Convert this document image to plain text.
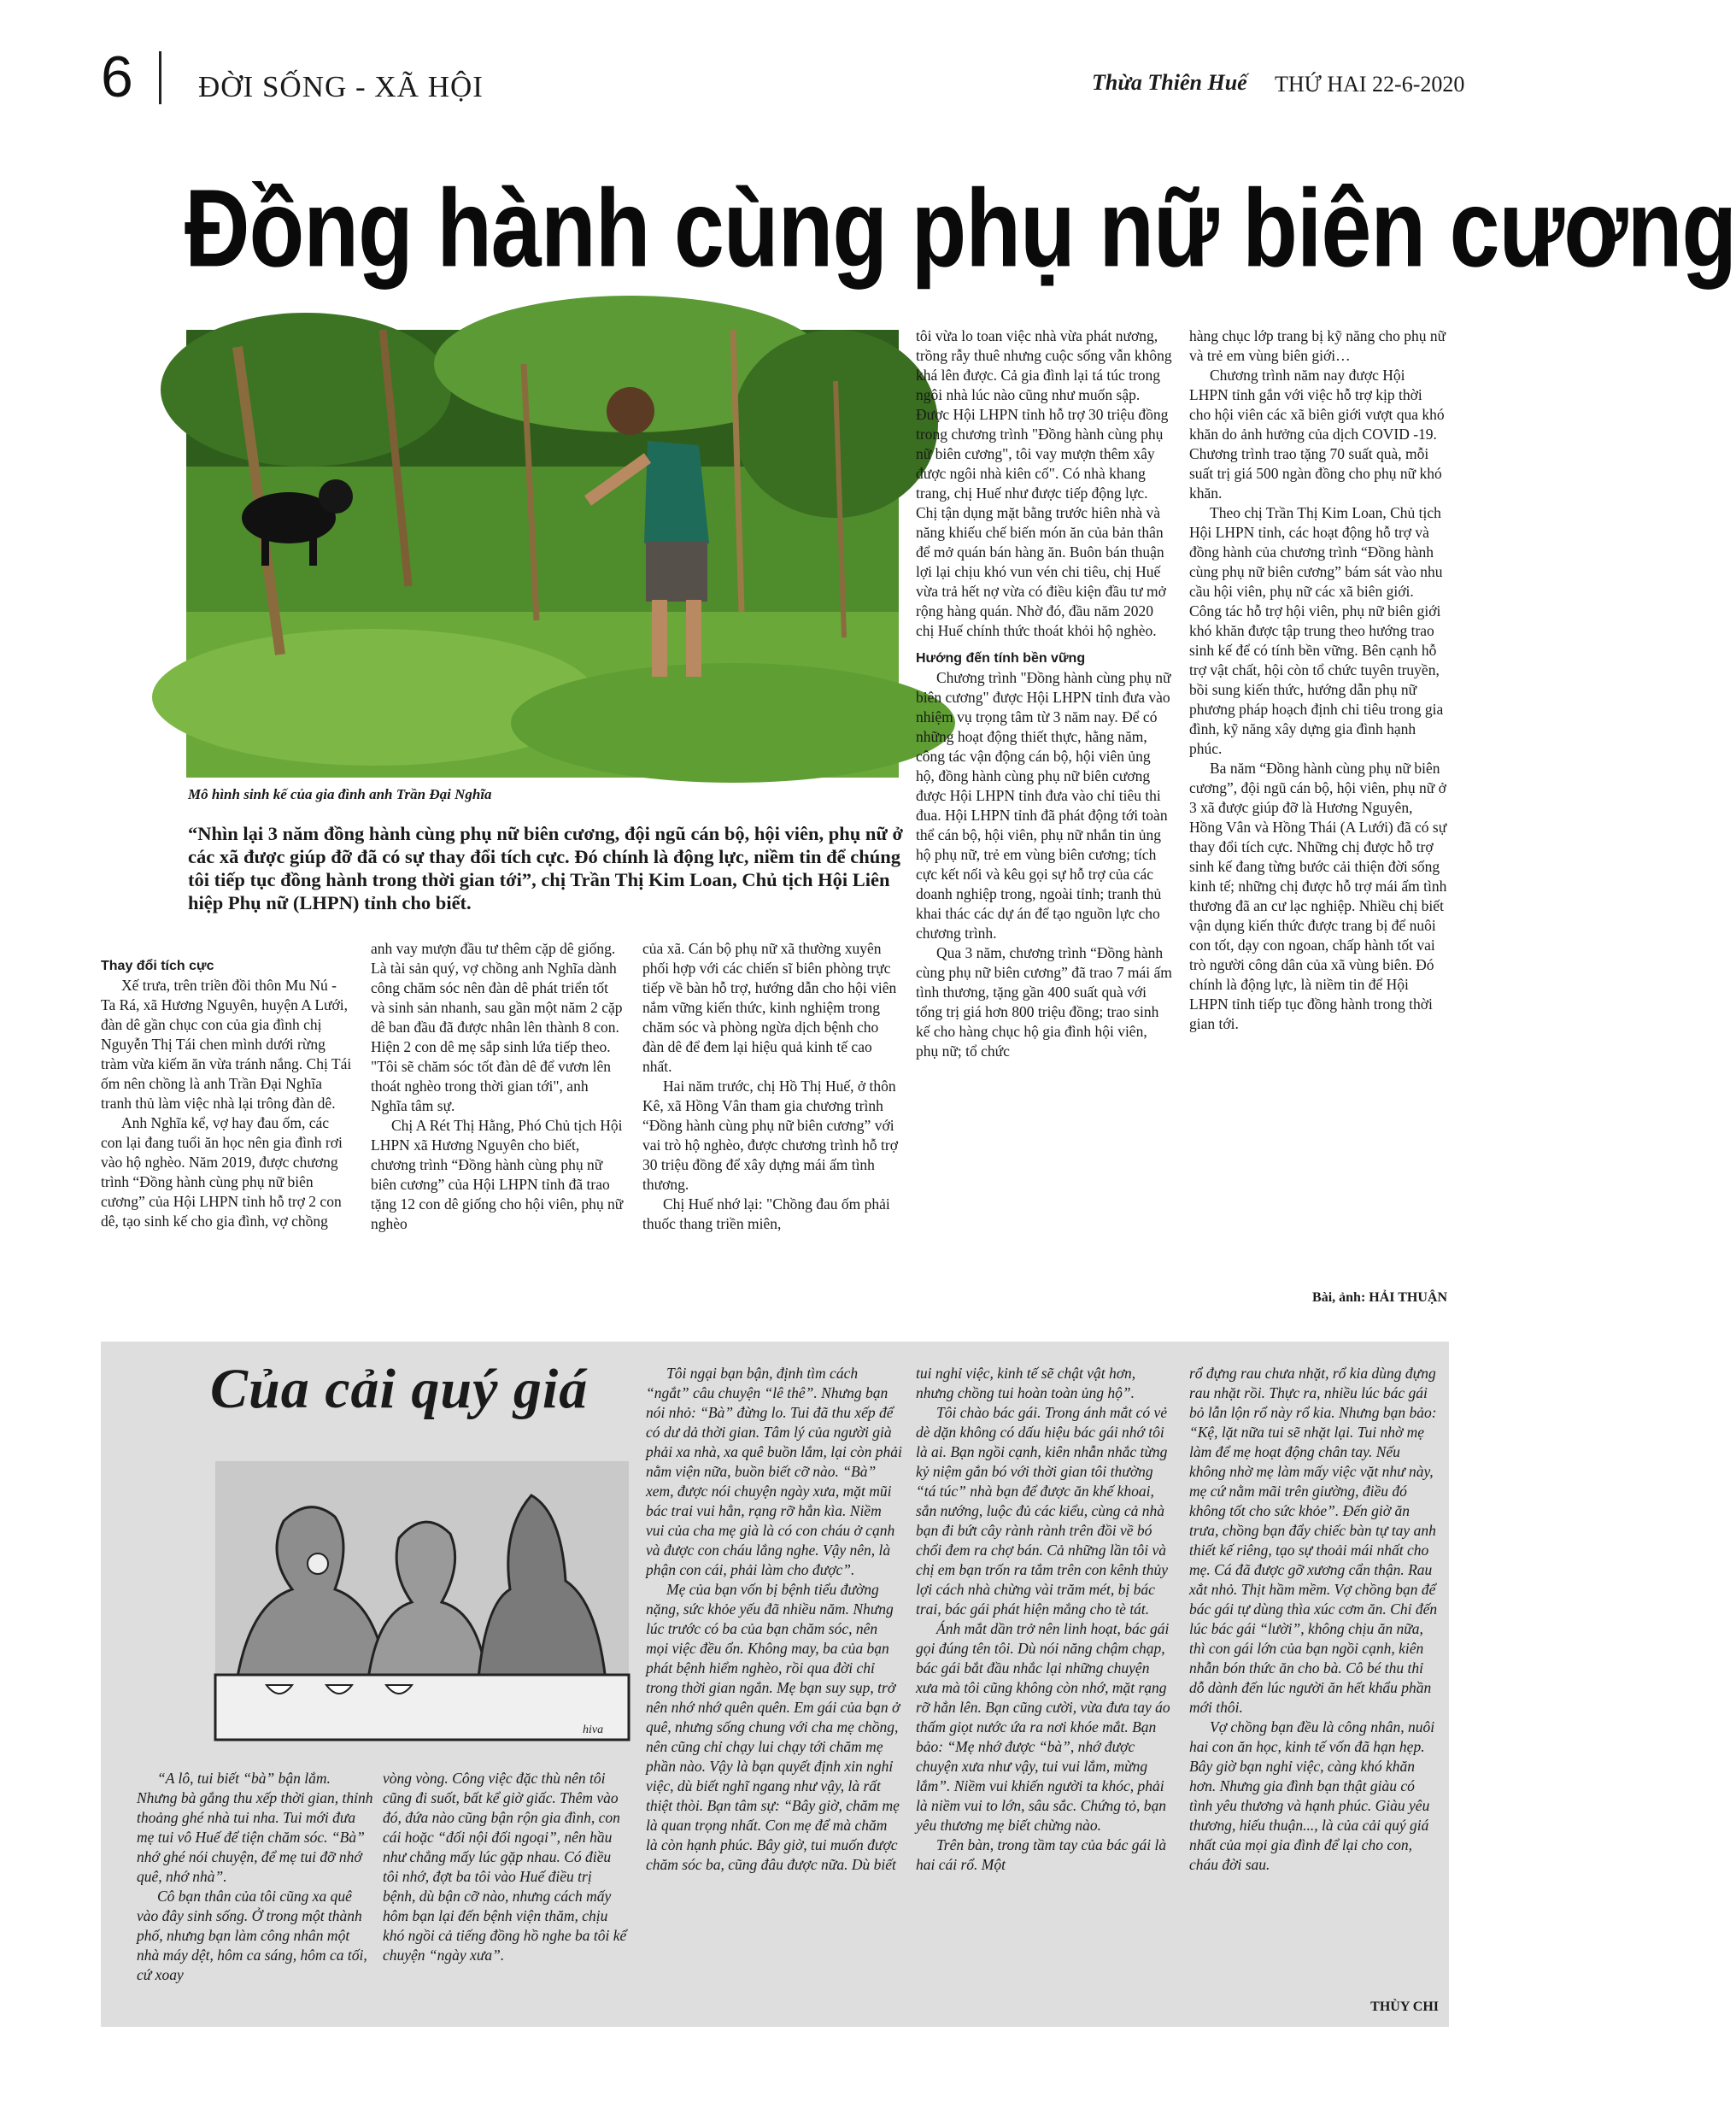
6 ĐỜI SỐNG - XÃ HỘI	Thừa Thiên Huế THỨ HAI 22-6-2020
Đồng hành cùng phụ nữ biên cương
Mô hình sinh kế của gia đình anh Trần Đại Nghĩa
“Nhìn lại 3 năm đồng hành cùng phụ nữ biên cương, đội ngũ cán bộ, hội viên, phụ nữ ở các xã được giúp đỡ đã có sự thay đổi tích cực. Đó chính là động lực, niềm tin để chúng tôi tiếp tục đồng hành trong thời gian tới”, chị Trần Thị Kim Loan, Chủ tịch Hội Liên hiệp Phụ nữ (LHPN) tỉnh cho biết.
Thay đổi tích cực

Xế trưa, trên triền đồi thôn Mu Nú - Ta Rá, xã Hương Nguyên, huyện A Lưới, đàn dê gần chục con của gia đình chị Nguyễn Thị Tái chen mình dưới rừng tràm vừa kiếm ăn vừa tránh nắng. Chị Tái ốm nên chồng là anh Trần Đại Nghĩa tranh thủ làm việc nhà lại trông đàn dê.

Anh Nghĩa kể, vợ hay đau ốm, các con lại đang tuổi ăn học nên gia đình rơi vào hộ nghèo. Năm 2019, được chương trình “Đồng hành cùng phụ nữ biên cương” của Hội LHPN tỉnh hỗ trợ 2 con dê, tạo sinh kế cho gia đình, vợ chồng

anh vay mượn đầu tư thêm cặp dê giống. Là tài sản quý, vợ chồng anh Nghĩa dành công chăm sóc nên đàn dê phát triển tốt và sinh sản nhanh, sau gần một năm 2 cặp dê ban đầu đã được nhân lên thành 8 con. Hiện 2 con dê mẹ sắp sinh lứa tiếp theo. "Tôi sẽ chăm sóc tốt đàn dê để vươn lên thoát nghèo trong thời gian tới", anh Nghĩa tâm sự.

Chị A Rét Thị Hằng, Phó Chủ tịch Hội LHPN xã Hương Nguyên cho biết, chương trình “Đồng hành cùng phụ nữ biên cương” của Hội LHPN tỉnh đã trao tặng 12 con dê giống cho hội viên, phụ nữ nghèo

của xã. Cán bộ phụ nữ xã thường xuyên phối hợp với các chiến sĩ biên phòng trực tiếp về bàn hỗ trợ, hướng dẫn cho hội viên nắm vững kiến thức, kinh nghiệm trong chăm sóc và phòng ngừa dịch bệnh cho đàn dê để đem lại hiệu quả kinh tế cao nhất.

Hai năm trước, chị Hồ Thị Huế, ở thôn Kê, xã Hồng Vân tham gia chương trình “Đồng hành cùng phụ nữ biên cương” với vai trò hộ nghèo, được chương trình hỗ trợ 30 triệu đồng để xây dựng mái ấm tình thương.

Chị Huế nhớ lại: "Chồng đau ốm phải thuốc thang triền miên,

tôi vừa lo toan việc nhà vừa phát nương, trồng rẫy thuê nhưng cuộc sống vẫn không khá lên được. Cả gia đình lại tá túc trong ngôi nhà lúc nào cũng như muốn sập. Được Hội LHPN tỉnh hỗ trợ 30 triệu đồng trong chương trình "Đồng hành cùng phụ nữ biên cương", tôi vay mượn thêm xây được ngôi nhà kiên cố". Có nhà khang trang, chị Huế như được tiếp động lực. Chị tận dụng mặt bằng trước hiên nhà và năng khiếu chế biến món ăn của bản thân để mở quán bán hàng ăn. Buôn bán thuận lợi lại chịu khó vun vén chi tiêu, chị Huế vừa trả hết nợ vừa có điều kiện đầu tư mở rộng hàng quán. Nhờ đó, đầu năm 2020 chị Huế chính thức thoát khỏi hộ nghèo.

Hướng đến tính bền vững

Chương trình "Đồng hành cùng phụ nữ biên cương" được Hội LHPN tỉnh đưa vào nhiệm vụ trọng tâm từ 3 năm nay. Để có những hoạt động thiết thực, hằng năm, công tác vận động cán bộ, hội viên ủng hộ, đồng hành cùng phụ nữ biên cương được Hội LHPN tỉnh đưa vào chỉ tiêu thi đua. Hội LHPN tỉnh đã phát động tới toàn thể cán bộ, hội viên, phụ nữ nhắn tin ủng hộ phụ nữ, trẻ em vùng biên cương; tích cực kết nối và kêu gọi sự hỗ trợ của các doanh nghiệp trong, ngoài tỉnh; tranh thủ khai thác các dự án để tạo nguồn lực cho chương trình.

Qua 3 năm, chương trình “Đồng hành cùng phụ nữ biên cương” đã trao 7 mái ấm tình thương, tặng gần 400 suất quà với tổng trị giá hơn 800 triệu đồng; trao sinh kế cho hàng chục hộ gia đình hội viên, phụ nữ; tổ chức

hàng chục lớp trang bị kỹ năng cho phụ nữ và trẻ em vùng biên giới…

Chương trình năm nay được Hội LHPN tỉnh gắn với việc hỗ trợ kịp thời cho hội viên các xã biên giới vượt qua khó khăn do ảnh hưởng của dịch COVID -19. Chương trình trao tặng 70 suất quà, mỗi suất trị giá 500 ngàn đồng cho phụ nữ khó khăn.

Theo chị Trần Thị Kim Loan, Chủ tịch Hội LHPN tỉnh, các hoạt động hỗ trợ và đồng hành của chương trình “Đồng hành cùng phụ nữ biên cương” bám sát vào nhu cầu hội viên, phụ nữ các xã biên giới. Công tác hỗ trợ hội viên, phụ nữ biên giới khó khăn được tập trung theo hướng trao sinh kế để có tính bền vững. Bên cạnh hỗ trợ vật chất, hội còn tổ chức tuyên truyền, bồi sung kiến thức, hướng dẫn phụ nữ phương pháp hoạch định chi tiêu trong gia đình, kỹ năng xây dựng gia đình hạnh phúc.

Ba năm “Đồng hành cùng phụ nữ biên cương”, đội ngũ cán bộ, hội viên, phụ nữ ở 3 xã được giúp đỡ là Hương Nguyên, Hồng Vân và Hồng Thái (A Lưới) đã có sự thay đổi tích cực. Những chị được hỗ trợ sinh kế đang từng bước cải thiện đời sống kinh tế; những chị được hỗ trợ mái ấm tình thương đã an cư lạc nghiệp. Nhiều chị biết vận dụng kiến thức được trang bị để nuôi con tốt, dạy con ngoan, chấp hành tốt vai trò người công dân của xã vùng biên. Đó chính là động lực, là niềm tin để Hội LHPN tỉnh tiếp tục đồng hành trong thời gian tới.

Bài, ảnh: HẢI THUẬN
Của cải quý giá
hiva

“A lô, tui biết “bà” bận lắm. Nhưng bà gắng thu xếp thời gian, thỉnh thoảng ghé nhà tui nha. Tui mới đưa mẹ tui vô Huế để tiện chăm sóc. “Bà” nhớ ghé nói chuyện, để mẹ tui đỡ nhớ quê, nhớ nhà”.

Cô bạn thân của tôi cũng xa quê vào đây sinh sống. Ở trong một thành phố, nhưng bạn làm công nhân một nhà máy dệt, hôm ca sáng, hôm ca tối, cứ xoay

vòng vòng. Công việc đặc thù nên tôi cũng đi suốt, bất kể giờ giấc. Thêm vào đó, đứa nào cũng bận rộn gia đình, con cái hoặc “đối nội đối ngoại”, nên hầu như chẳng mấy lúc gặp nhau. Có điều tôi nhớ, đợt ba tôi vào Huế điều trị bệnh, dù bận cỡ nào, nhưng cách mấy hôm bạn lại đến bệnh viện thăm, chịu khó ngồi cả tiếng đồng hồ nghe ba tôi kể chuyện “ngày xưa”.

Tôi ngại bạn bận, định tìm cách “ngắt” câu chuyện “lê thê”. Nhưng bạn nói nhỏ: “Bà” đừng lo. Tui đã thu xếp để có dư dả thời gian. Tâm lý của người già phải xa nhà, xa quê buồn lắm, lại còn phải nằm viện nữa, buồn biết cỡ nào. “Bà” xem, được nói chuyện ngày xưa, mặt mũi bác trai vui hẳn, rạng rỡ hẳn kìa. Niềm vui của cha mẹ già là có con cháu ở cạnh và được con cháu lắng nghe. Vậy nên, là phận con cái, phải làm cho được”.

Mẹ của bạn vốn bị bệnh tiểu đường nặng, sức khỏe yếu đã nhiều năm. Nhưng lúc trước có ba của bạn chăm sóc, nên mọi việc đều ổn. Không may, ba của bạn phát bệnh hiểm nghèo, rồi qua đời chỉ trong thời gian ngắn. Mẹ bạn suy sụp, trở nên nhớ nhớ quên quên. Em gái của bạn ở quê, nhưng sống chung với cha mẹ chồng, nên cũng chỉ chạy lui chạy tới chăm mẹ phần nào. Vậy là bạn quyết định xin nghỉ việc, dù biết nghĩ ngang như vậy, là rất thiệt thòi. Bạn tâm sự: “Bây giờ, chăm mẹ là quan trọng nhất. Con mẹ để mà chăm là còn hạnh phúc. Bây giờ, tui muốn được chăm sóc ba, cũng đâu được nữa. Dù biết

tui nghỉ việc, kinh tế sẽ chật vật hơn, nhưng chồng tui hoàn toàn ủng hộ”.

Tôi chào bác gái. Trong ánh mắt có vẻ dè dặn không có dấu hiệu bác gái nhớ tôi là ai. Bạn ngồi cạnh, kiên nhẫn nhắc từng kỷ niệm gắn bó với thời gian tôi thường “tá túc” nhà bạn để được ăn khế khoai, sắn nướng, luộc đủ các kiểu, cùng cả nhà bạn đi bứt cây rành rành trên đồi về bó chổi đem ra chợ bán. Cả những lần tôi và chị em bạn trốn ra tắm trên con kênh thủy lợi cách nhà chừng vài trăm mét, bị bác trai, bác gái phát hiện mắng cho tè tát.

Ánh mắt dần trở nên linh hoạt, bác gái gọi đúng tên tôi. Dù nói năng chậm chạp, bác gái bắt đầu nhắc lại những chuyện xưa mà tôi cũng không còn nhớ, mặt rạng rỡ hẳn lên. Bạn cũng cười, vừa đưa tay áo thấm giọt nước ứa ra nơi khóe mắt. Bạn bảo: “Mẹ nhớ được “bà”, nhớ được chuyện xưa như vậy, tui vui lắm, mừng lắm”. Niềm vui khiến người ta khóc, phải là niềm vui to lớn, sâu sắc. Chứng tỏ, bạn yêu thương mẹ biết chừng nào.

Trên bàn, trong tầm tay của bác gái là hai cái rổ. Một

rổ đựng rau chưa nhặt, rổ kia dùng đựng rau nhặt rồi. Thực ra, nhiều lúc bác gái bỏ lẫn lộn rổ này rổ kia. Nhưng bạn bảo: “Kệ, lặt nữa tui sẽ nhặt lại. Tui nhờ mẹ làm để mẹ hoạt động chân tay. Nếu không nhờ mẹ làm mấy việc vặt như này, mẹ cứ nằm mãi trên giường, điều đó không tốt cho sức khỏe”. Đến giờ ăn trưa, chồng bạn đẩy chiếc bàn tự tay anh thiết kế riêng, tạo sự thoải mái nhất cho mẹ. Cá đã được gỡ xương cẩn thận. Rau xắt nhỏ. Thịt hầm mềm. Vợ chồng bạn để bác gái tự dùng thìa xúc cơm ăn. Chỉ đến lúc bác gái “lười”, không chịu ăn nữa, thì con gái lớn của bạn ngồi cạnh, kiên nhẫn bón thức ăn cho bà. Cô bé thu thỉ dỗ dành đến lúc người ăn hết khẩu phần mới thôi.

Vợ chồng bạn đều là công nhân, nuôi hai con ăn học, kinh tế vốn đã hạn hẹp. Bây giờ bạn nghỉ việc, càng khó khăn hơn. Nhưng gia đình bạn thật giàu có tình yêu thương và hạnh phúc. Giàu yêu thương, hiếu thuận..., là của cải quý giá nhất của mọi gia đình để lại cho con, cháu đời sau.

THÙY CHI
